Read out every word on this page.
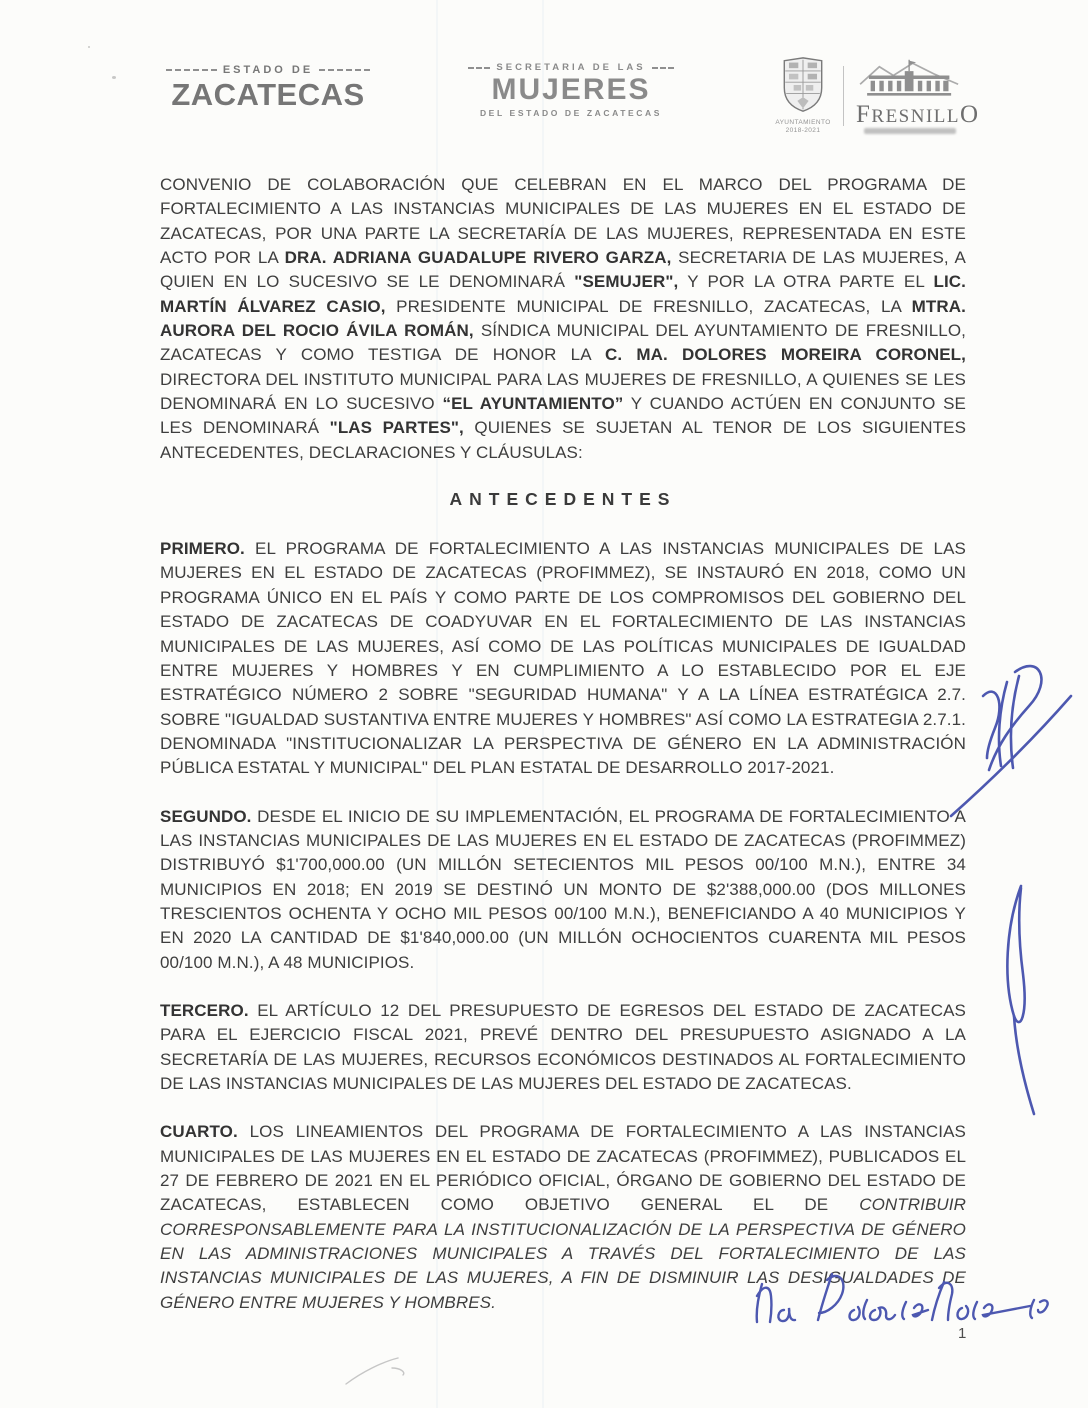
ESTADO DE
ZACATECAS
SECRETARIA DE LAS
MUJERES
DEL ESTADO DE ZACATECAS
AYUNTAMIENTO
2018-2021
FRESNILLO

CONVENIO DE COLABORACIÓN QUE CELEBRAN EN EL MARCO DEL PROGRAMA DE FORTALECIMIENTO A LAS INSTANCIAS MUNICIPALES DE LAS MUJERES EN EL ESTADO DE ZACATECAS, POR UNA PARTE LA SECRETARÍA DE LAS MUJERES, REPRESENTADA EN ESTE ACTO POR LA DRA. ADRIANA GUADALUPE RIVERO GARZA, SECRETARIA DE LAS MUJERES, A QUIEN EN LO SUCESIVO SE LE DENOMINARÁ "SEMUJER", Y POR LA OTRA PARTE EL LIC. MARTÍN ÁLVAREZ CASIO, PRESIDENTE MUNICIPAL DE FRESNILLO, ZACATECAS, LA MTRA. AURORA DEL ROCIO ÁVILA ROMÁN, SÍNDICA MUNICIPAL DEL AYUNTAMIENTO DE FRESNILLO, ZACATECAS Y COMO TESTIGA DE HONOR LA C. MA. DOLORES MOREIRA CORONEL, DIRECTORA DEL INSTITUTO MUNICIPAL PARA LAS MUJERES DE FRESNILLO, A QUIENES SE LES DENOMINARÁ EN LO SUCESIVO “EL AYUNTAMIENTO” Y CUANDO ACTÚEN EN CONJUNTO SE LES DENOMINARÁ "LAS PARTES", QUIENES SE SUJETAN AL TENOR DE LOS SIGUIENTES ANTECEDENTES, DECLARACIONES Y CLÁUSULAS:

ANTECEDENTES

PRIMERO. EL PROGRAMA DE FORTALECIMIENTO A LAS INSTANCIAS MUNICIPALES DE LAS MUJERES EN EL ESTADO DE ZACATECAS (PROFIMMEZ), SE INSTAURÓ EN 2018, COMO UN PROGRAMA ÚNICO EN EL PAÍS Y COMO PARTE DE LOS COMPROMISOS DEL GOBIERNO DEL ESTADO DE ZACATECAS DE COADYUVAR EN EL FORTALECIMIENTO DE LAS INSTANCIAS MUNICIPALES DE LAS MUJERES, ASÍ COMO DE LAS POLÍTICAS MUNICIPALES DE IGUALDAD ENTRE MUJERES Y HOMBRES Y EN CUMPLIMIENTO A LO ESTABLECIDO POR EL EJE ESTRATÉGICO NÚMERO 2 SOBRE "SEGURIDAD HUMANA" Y A LA LÍNEA ESTRATÉGICA 2.7. SOBRE "IGUALDAD SUSTANTIVA ENTRE MUJERES Y HOMBRES" ASÍ COMO LA ESTRATEGIA 2.7.1. DENOMINADA "INSTITUCIONALIZAR LA PERSPECTIVA DE GÉNERO EN LA ADMINISTRACIÓN PÚBLICA ESTATAL Y MUNICIPAL" DEL PLAN ESTATAL DE DESARROLLO 2017-2021.

SEGUNDO. DESDE EL INICIO DE SU IMPLEMENTACIÓN, EL PROGRAMA DE FORTALECIMIENTO A LAS INSTANCIAS MUNICIPALES DE LAS MUJERES EN EL ESTADO DE ZACATECAS (PROFIMMEZ) DISTRIBUYÓ $1'700,000.00 (UN MILLÓN SETECIENTOS MIL PESOS 00/100 M.N.), ENTRE 34 MUNICIPIOS EN 2018; EN 2019 SE DESTINÓ UN MONTO DE $2'388,000.00 (DOS MILLONES TRESCIENTOS OCHENTA Y OCHO MIL PESOS 00/100 M.N.), BENEFICIANDO A 40 MUNICIPIOS Y EN 2020 LA CANTIDAD DE $1'840,000.00 (UN MILLÓN OCHOCIENTOS CUARENTA MIL PESOS 00/100 M.N.), A 48 MUNICIPIOS.

TERCERO. EL ARTÍCULO 12 DEL PRESUPUESTO DE EGRESOS DEL ESTADO DE ZACATECAS PARA EL EJERCICIO FISCAL 2021, PREVÉ DENTRO DEL PRESUPUESTO ASIGNADO A LA SECRETARÍA DE LAS MUJERES, RECURSOS ECONÓMICOS DESTINADOS AL FORTALECIMIENTO DE LAS INSTANCIAS MUNICIPALES DE LAS MUJERES DEL ESTADO DE ZACATECAS.

CUARTO. LOS LINEAMIENTOS DEL PROGRAMA DE FORTALECIMIENTO A LAS INSTANCIAS MUNICIPALES DE LAS MUJERES EN EL ESTADO DE ZACATECAS (PROFIMMEZ), PUBLICADOS EL 27 DE FEBRERO DE 2021 EN EL PERIÓDICO OFICIAL, ÓRGANO DE GOBIERNO DEL ESTADO DE ZACATECAS, ESTABLECEN COMO OBJETIVO GENERAL EL DE CONTRIBUIR CORRESPONSABLEMENTE PARA LA INSTITUCIONALIZACIÓN DE LA PERSPECTIVA DE GÉNERO EN LAS ADMINISTRACIONES MUNICIPALES A TRAVÉS DEL FORTALECIMIENTO DE LAS INSTANCIAS MUNICIPALES DE LAS MUJERES, A FIN DE DISMINUIR LAS DESIGUALDADES DE GÉNERO ENTRE MUJERES Y HOMBRES.

1
